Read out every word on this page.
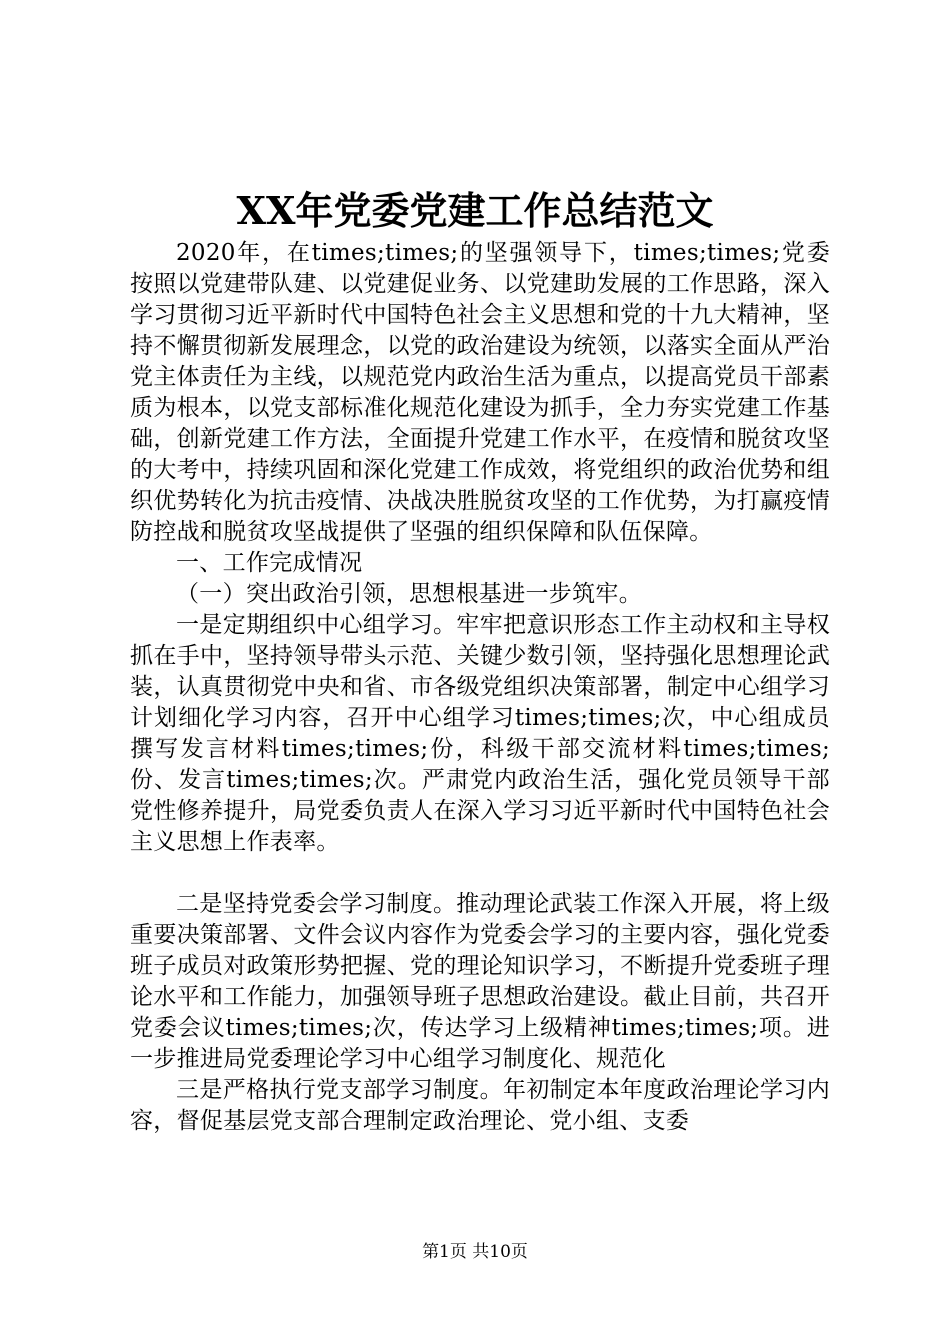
XX年党委党建工作总结范文

2020年，在times;times;的坚强领导下，times;times;党委按照以党建带队建、以党建促业务、以党建助发展的工作思路，深入学习贯彻习近平新时代中国特色社会主义思想和党的十九大精神，坚持不懈贯彻新发展理念，以党的政治建设为统领，以落实全面从严治党主体责任为主线，以规范党内政治生活为重点，以提高党员干部素质为根本，以党支部标准化规范化建设为抓手，全力夯实党建工作基础，创新党建工作方法，全面提升党建工作水平，在疫情和脱贫攻坚的大考中，持续巩固和深化党建工作成效，将党组织的政治优势和组织优势转化为抗击疫情、决战决胜脱贫攻坚的工作优势，为打赢疫情防控战和脱贫攻坚战提供了坚强的组织保障和队伍保障。

一、工作完成情况

（一）突出政治引领，思想根基进一步筑牢。

一是定期组织中心组学习。牢牢把意识形态工作主动权和主导权抓在手中，坚持领导带头示范、关键少数引领，坚持强化思想理论武装，认真贯彻党中央和省、市各级党组织决策部署，制定中心组学习计划细化学习内容，召开中心组学习times;times;次，中心组成员撰写发言材料times;times;份，科级干部交流材料times;times;份、发言times;times;次。严肃党内政治生活，强化党员领导干部党性修养提升，局党委负责人在深入学习习近平新时代中国特色社会主义思想上作表率。

二是坚持党委会学习制度。推动理论武装工作深入开展，将上级重要决策部署、文件会议内容作为党委会学习的主要内容，强化党委班子成员对政策形势把握、党的理论知识学习，不断提升党委班子理论水平和工作能力，加强领导班子思想政治建设。截止目前，共召开党委会议times;times;次，传达学习上级精神times;times;项。进一步推进局党委理论学习中心组学习制度化、规范化

三是严格执行党支部学习制度。年初制定本年度政治理论学习内容，督促基层党支部合理制定政治理论、党小组、支委

第1页 共10页
